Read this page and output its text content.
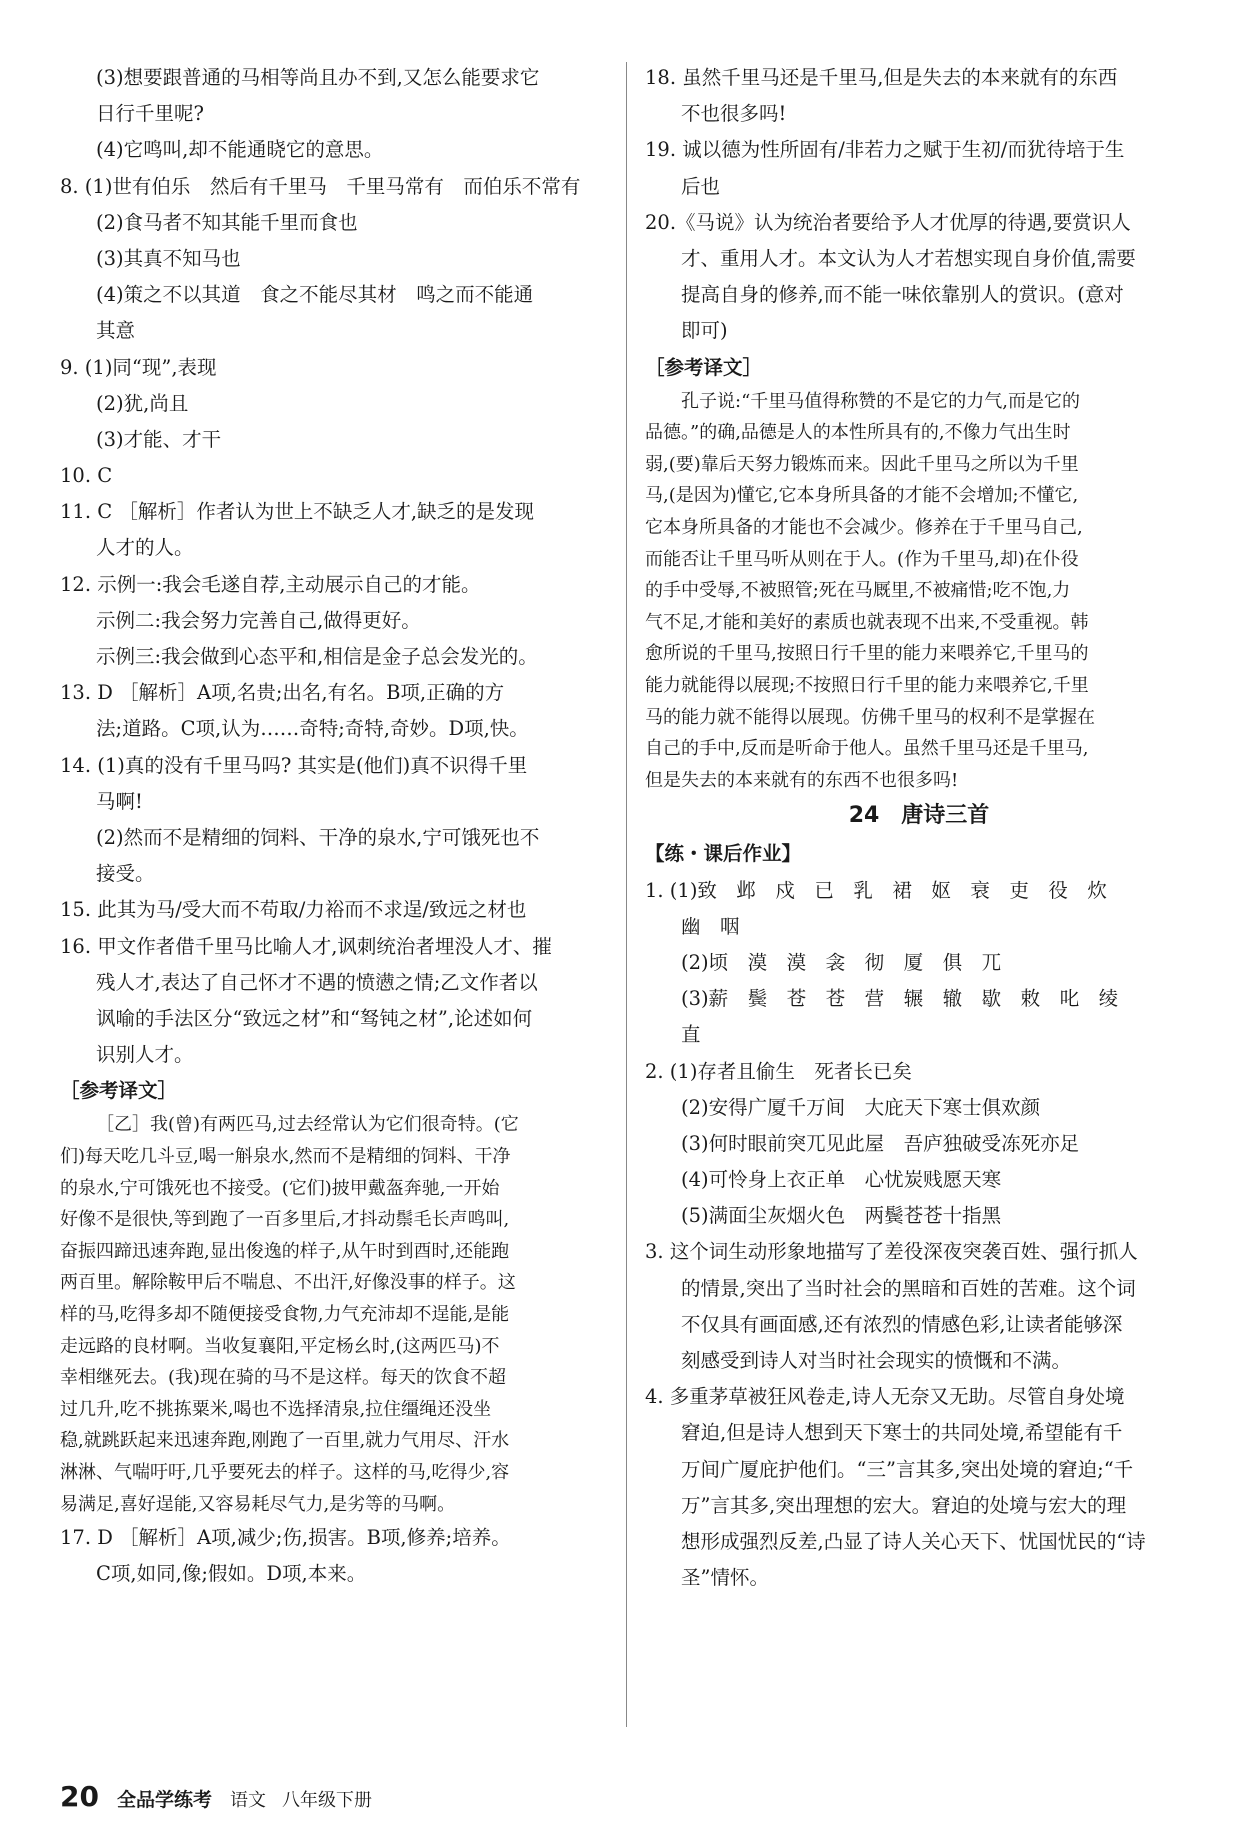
(3)想要跟普通的马相等尚且办不到,又怎么能要求它
日行千里呢?
(4)它鸣叫,却不能通晓它的意思。
8. (1)世有伯乐　然后有千里马　千里马常有　而伯乐不常有
(2)食马者不知其能千里而食也
(3)其真不知马也
(4)策之不以其道　食之不能尽其材　鸣之而不能通
其意
9. (1)同“现”,表现
(2)犹,尚且
(3)才能、才干
10. C
11. C ［解析］作者认为世上不缺乏人才,缺乏的是发现
人才的人。
12. 示例一:我会毛遂自荐,主动展示自己的才能。
示例二:我会努力完善自己,做得更好。
示例三:我会做到心态平和,相信是金子总会发光的。
13. D ［解析］A项,名贵;出名,有名。B项,正确的方
法;道路。C项,认为……奇特;奇特,奇妙。D项,快。
14. (1)真的没有千里马吗? 其实是(他们)真不识得千里
马啊!
(2)然而不是精细的饲料、干净的泉水,宁可饿死也不
接受。
15. 此其为马/受大而不苟取/力裕而不求逞/致远之材也
16. 甲文作者借千里马比喻人才,讽刺统治者埋没人才、摧
残人才,表达了自己怀才不遇的愤懑之情;乙文作者以
讽喻的手法区分“致远之材”和“驽钝之材”,论述如何
识别人才。
［参考译文］
［乙］我(曾)有两匹马,过去经常认为它们很奇特。(它
们)每天吃几斗豆,喝一斛泉水,然而不是精细的饲料、干净
的泉水,宁可饿死也不接受。(它们)披甲戴盔奔驰,一开始
好像不是很快,等到跑了一百多里后,才抖动鬃毛长声鸣叫,
奋振四蹄迅速奔跑,显出俊逸的样子,从午时到酉时,还能跑
两百里。解除鞍甲后不喘息、不出汗,好像没事的样子。这
样的马,吃得多却不随便接受食物,力气充沛却不逞能,是能
走远路的良材啊。当收复襄阳,平定杨幺时,(这两匹马)不
幸相继死去。(我)现在骑的马不是这样。每天的饮食不超
过几升,吃不挑拣粟米,喝也不选择清泉,拉住缰绳还没坐
稳,就跳跃起来迅速奔跑,刚跑了一百里,就力气用尽、汗水
淋淋、气喘吁吁,几乎要死去的样子。这样的马,吃得少,容
易满足,喜好逞能,又容易耗尽气力,是劣等的马啊。
17. D ［解析］A项,减少;伤,损害。B项,修养;培养。
C项,如同,像;假如。D项,本来。
18. 虽然千里马还是千里马,但是失去的本来就有的东西
不也很多吗!
19. 诚以德为性所固有/非若力之赋于生初/而犹待培于生
后也
20.《马说》认为统治者要给予人才优厚的待遇,要赏识人
才、重用人才。本文认为人才若想实现自身价值,需要
提高自身的修养,而不能一味依靠别人的赏识。(意对
即可)
［参考译文］
孔子说:“千里马值得称赞的不是它的力气,而是它的
品德。”的确,品德是人的本性所具有的,不像力气出生时
弱,(要)靠后天努力锻炼而来。因此千里马之所以为千里
马,(是因为)懂它,它本身所具备的才能不会增加;不懂它,
它本身所具备的才能也不会减少。修养在于千里马自己,
而能否让千里马听从则在于人。(作为千里马,却)在仆役
的手中受辱,不被照管;死在马厩里,不被痛惜;吃不饱,力
气不足,才能和美好的素质也就表现不出来,不受重视。韩
愈所说的千里马,按照日行千里的能力来喂养它,千里马的
能力就能得以展现;不按照日行千里的能力来喂养它,千里
马的能力就不能得以展现。仿佛千里马的权利不是掌握在
自己的手中,反而是听命于他人。虽然千里马还是千里马,
但是失去的本来就有的东西不也很多吗!
24　唐诗三首
【练・课后作业】
1. (1)致　邺　戍　已　乳　裙　妪　衰　吏　役　炊
幽　咽
(2)顷　漠　漠　衾　彻　厦　俱　兀
(3)薪　鬓　苍　苍　营　辗　辙　歇　敕　叱　绫
直
2. (1)存者且偷生　死者长已矣
(2)安得广厦千万间　大庇天下寒士俱欢颜
(3)何时眼前突兀见此屋　吾庐独破受冻死亦足
(4)可怜身上衣正单　心忧炭贱愿天寒
(5)满面尘灰烟火色　两鬓苍苍十指黑
3. 这个词生动形象地描写了差役深夜突袭百姓、强行抓人
的情景,突出了当时社会的黑暗和百姓的苦难。这个词
不仅具有画面感,还有浓烈的情感色彩,让读者能够深
刻感受到诗人对当时社会现实的愤慨和不满。
4. 多重茅草被狂风卷走,诗人无奈又无助。尽管自身处境
窘迫,但是诗人想到天下寒士的共同处境,希望能有千
万间广厦庇护他们。“三”言其多,突出处境的窘迫;“千
万”言其多,突出理想的宏大。窘迫的处境与宏大的理
想形成强烈反差,凸显了诗人关心天下、忧国忧民的“诗
圣”情怀。
20 全品学练考 语文 八年级下册
